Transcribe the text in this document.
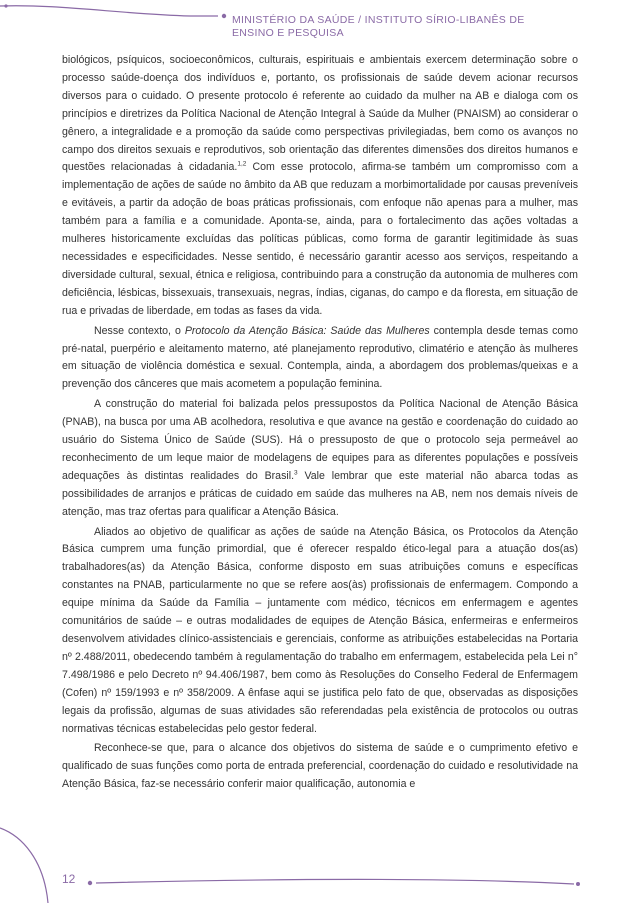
MINISTÉRIO DA SAÚDE / INSTITUTO SÍRIO-LIBANÊS DE
ENSINO E PESQUISA

biológicos, psíquicos, socioeconômicos, culturais, espirituais e ambientais exercem determinação sobre o processo saúde-doença dos indivíduos e, portanto, os profissionais de saúde devem acionar recursos diversos para o cuidado. O presente protocolo é referente ao cuidado da mulher na AB e dialoga com os princípios e diretrizes da Política Nacional de Atenção Integral à Saúde da Mulher (PNAISM) ao considerar o gênero, a integralidade e a promoção da saúde como perspectivas privilegiadas, bem como os avanços no campo dos direitos sexuais e reprodutivos, sob orientação das diferentes dimensões dos direitos humanos e questões relacionadas à cidadania.$^{1,2}$ Com esse protocolo, afirma-se também um compromisso com a implementação de ações de saúde no âmbito da AB que reduzam a morbimortalidade por causas preveníveis e evitáveis, a partir da adoção de boas práticas profissionais, com enfoque não apenas para a mulher, mas também para a família e a comunidade. Aponta-se, ainda, para o fortalecimento das ações voltadas a mulheres historicamente excluídas das políticas públicas, como forma de garantir legitimidade às suas necessidades e especificidades. Nesse sentido, é necessário garantir acesso aos serviços, respeitando a diversidade cultural, sexual, étnica e religiosa, contribuindo para a construção da autonomia de mulheres com deficiência, lésbicas, bissexuais, transexuais, negras, índias, ciganas, do campo e da floresta, em situação de rua e privadas de liberdade, em todas as fases da vida.

Nesse contexto, o Protocolo da Atenção Básica: Saúde das Mulheres contempla desde temas como pré-natal, puerpério e aleitamento materno, até planejamento reprodutivo, climatério e atenção às mulheres em situação de violência doméstica e sexual. Contempla, ainda, a abordagem dos problemas/queixas e a prevenção dos cânceres que mais acometem a população feminina.

A construção do material foi balizada pelos pressupostos da Política Nacional de Atenção Básica (PNAB), na busca por uma AB acolhedora, resolutiva e que avance na gestão e coordenação do cuidado ao usuário do Sistema Único de Saúde (SUS). Há o pressuposto de que o protocolo seja permeável ao reconhecimento de um leque maior de modelagens de equipes para as diferentes populações e possíveis adequações às distintas realidades do Brasil.$^3$ Vale lembrar que este material não abarca todas as possibilidades de arranjos e práticas de cuidado em saúde das mulheres na AB, nem nos demais níveis de atenção, mas traz ofertas para qualificar a Atenção Básica.

Aliados ao objetivo de qualificar as ações de saúde na Atenção Básica, os Protocolos da Atenção Básica cumprem uma função primordial, que é oferecer respaldo ético-legal para a atuação dos(as) trabalhadores(as) da Atenção Básica, conforme disposto em suas atribuições comuns e específicas constantes na PNAB, particularmente no que se refere aos(às) profissionais de enfermagem. Compondo a equipe mínima da Saúde da Família – juntamente com médico, técnicos em enfermagem e agentes comunitários de saúde – e outras modalidades de equipes de Atenção Básica, enfermeiras e enfermeiros desenvolvem atividades clínico-assistenciais e gerenciais, conforme as atribuições estabelecidas na Portaria nº 2.488/2011, obedecendo também à regulamentação do trabalho em enfermagem, estabelecida pela Lei n° 7.498/1986 e pelo Decreto nº 94.406/1987, bem como às Resoluções do Conselho Federal de Enfermagem (Cofen) nº 159/1993 e nº 358/2009. A ênfase aqui se justifica pelo fato de que, observadas as disposições legais da profissão, algumas de suas atividades são referendadas pela existência de protocolos ou outras normativas técnicas estabelecidas pelo gestor federal.

Reconhece-se que, para o alcance dos objetivos do sistema de saúde e o cumprimento efetivo e qualificado de suas funções como porta de entrada preferencial, coordenação do cuidado e resolutividade na Atenção Básica, faz-se necessário conferir maior qualificação, autonomia e

12
